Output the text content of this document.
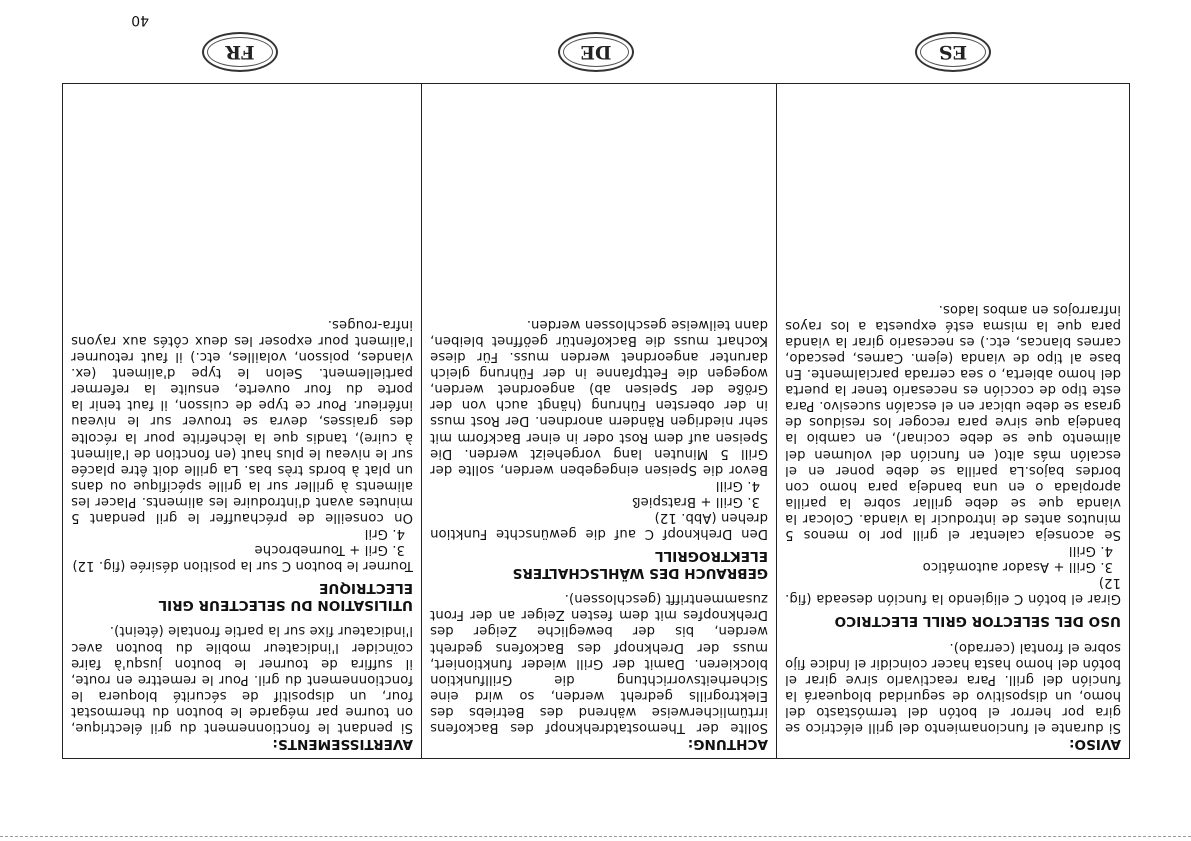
AVISO:

Si durante el funcionamiento del grill eléctrico se gira por herror el botón del termóstasto del homo, un dispositivo de seguridad bloqueará la función del grill. Para reactivarlo sirve girar el botón del homo hasta hacer coincidir el índice fijo sobre el frontal (cerrado).

USO DEL SELECTOR GRILL ELECTRICO

Girar el botón C eligiendo la función deseada (fig. 12)

3. Grill + Asador automático

4. Grill

Se aconseja calentar el grill por lo menos 5 minutos antes de introducir la vianda. Colocar la vianda que se debe grillar sobre la parilla apropiada o en una bandeja para homo con bordes bajos.La parilla se debe poner en el escalón más alto( en función del volumen del alimento que se debe cocinar), en cambio la bandeja que sirve para recoger los residuos de grasa se debe ubicar en el escalón sucesivo. Para este tipo de cocción es necesario tener la puerta del homo abierta, o sea cerrada parcialmente. En base al tipo de vianda (ejem. Carnes, pescado, carnes blancas, etc.) es necesario girar la vianda para que la misma esté expuesta a los rayos infrarrojos en ambos lados.

ACHTUNG:

Sollte der Themostatdrehknopf des Backofens irrtümlicherweise während des Betriebs des Elektrogrills gedreht werden, so wird eine Sicherheitsvorrichtung die Grillfunktion blockieren. Damit der Grill wieder funktioniert, muss der Drehknopf des Backofens gedreht werden, bis der bewegliche Zeiger des Drehknopfes mit dem festen Zeiger an der Front zusammentrifft (geschlossen).

GEBRAUCH DES WÄHLSCHALTERS
ELEKTROGRILL

Den Drehknopf C auf die gewünschte Funktion drehen (Abb. 12)

3. Grill + Bratspieß

4. Grill

Bevor die Speisen eingegeben werden, sollte der Grill 5 Minuten lang vorgeheizt werden. Die Speisen auf dem Rost oder in einer Backform mit sehr niedrigen Rändern anordnen. Der Rost muss in der obersten Führung (hängt auch von der Größe der Speisen ab) angeordnet werden, wogegen die Fettpfanne in der Führung gleich darunter angeordnet werden muss. Für diese Kochart muss die Backofentür geöffnet bleiben, dann teilweise geschlossen werden.

AVERTISSEMENTS:

Si pendant le fonctionnement du gril électrique, on tourne par mégarde le bouton du thermostat four, un dispositif de sécurité bloquera le fonctionnement du gril. Pour le remettre en route, il suffira de tourner le bouton jusqu'à faire coïncider l'indicateur mobile du bouton avec l'indicateur fixe sur la partie frontale (éteint).

UTILISATION DU SELECTEUR GRIL
ELECTRIQUE

Tourner le bouton C sur la position désirée (fig. 12)

3. Gril + Tournebroche

4. Gril

On conseille de préchauffer le gril pendant 5 minutes avant d'introduire les aliments. Placer les aliments à griller sur la grille spécifique ou dans un plat à bords très bas. La grille doit être placée sur le niveau le plus haut (en fonction de l'aliment à cuire), tandis que la lèchefrite pour la récolte des graisses, devra se trouver sur le niveau inférieur. Pour ce type de cuisson, il faut tenir la porte du four ouverte, ensuite la refermer partiellement. Selon le type d'aliment (ex. viandes, poisson, volailles, etc.) il faut retourner l'aliment pour exposer les deux côtés aux rayons infra-rouges.

ES
DE
FR
40
